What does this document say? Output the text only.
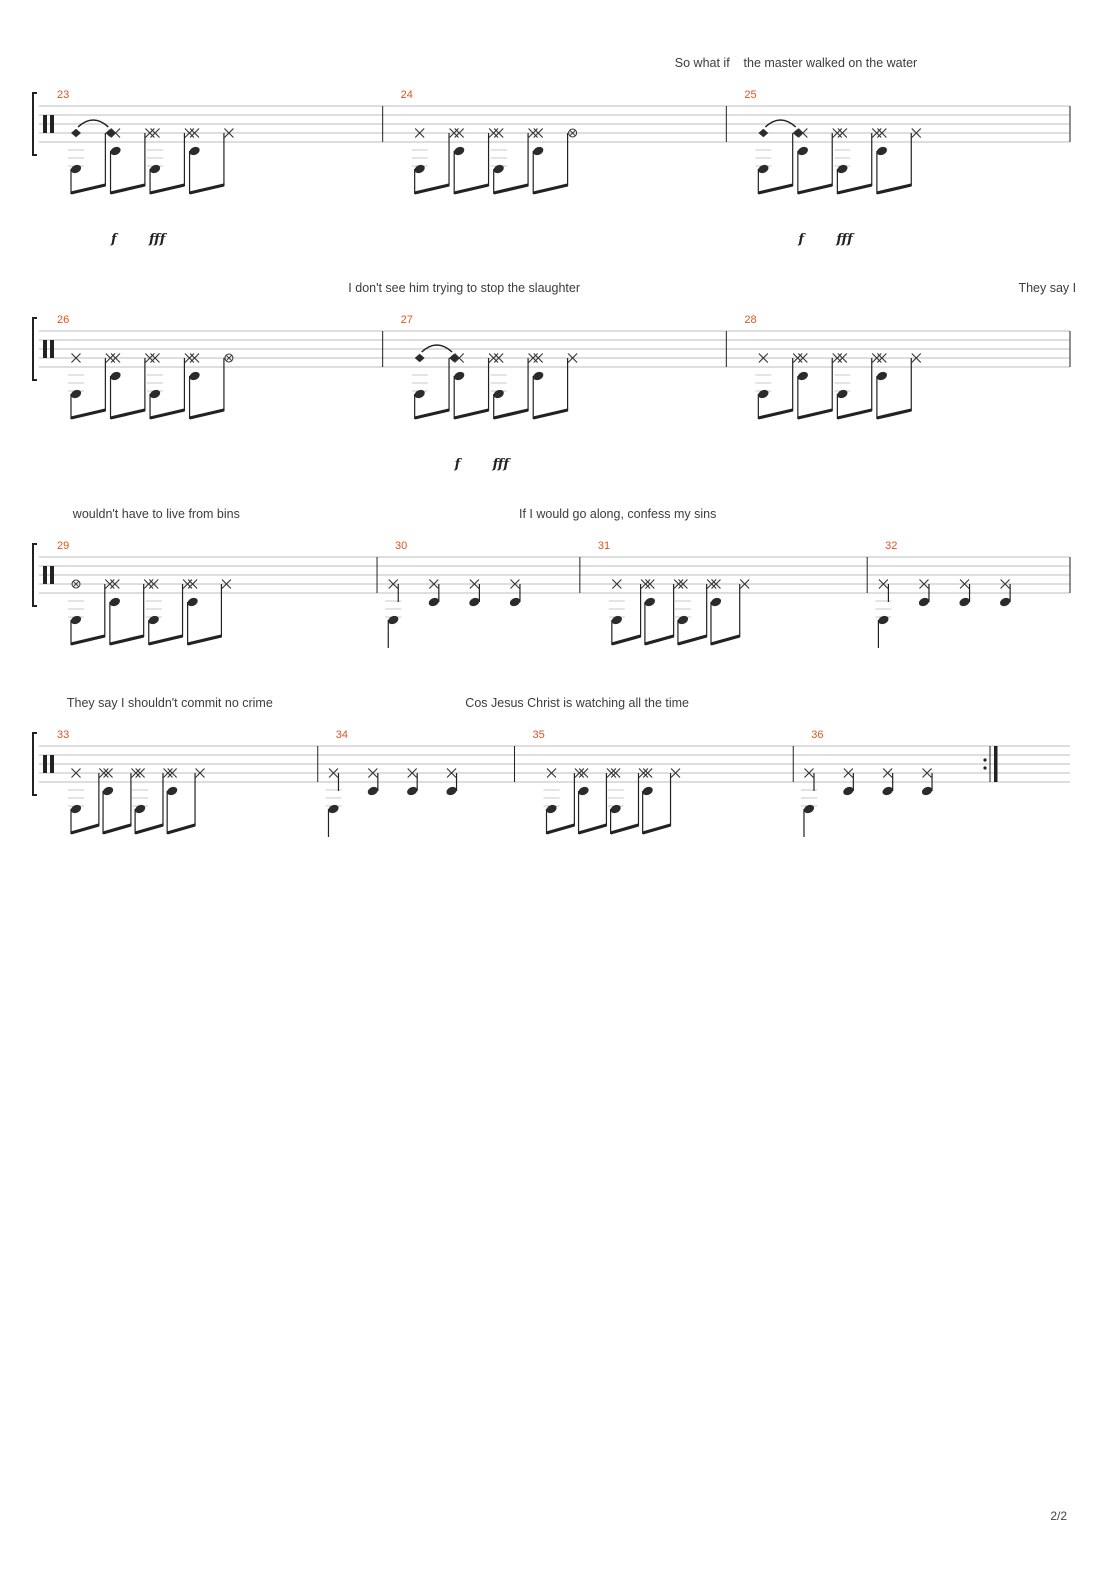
23
f fff
24	25
f fff
So what if the master walked on the water
26	27
f fff
28
I don't see him trying to stop the slaughter	They say I
29	30	31	32
wouldn't have to live from bins	If I would go along, confess my sins
33	34	35	36
They say I shouldn't commit no crime	Cos Jesus Christ is watching all the time
2/2
